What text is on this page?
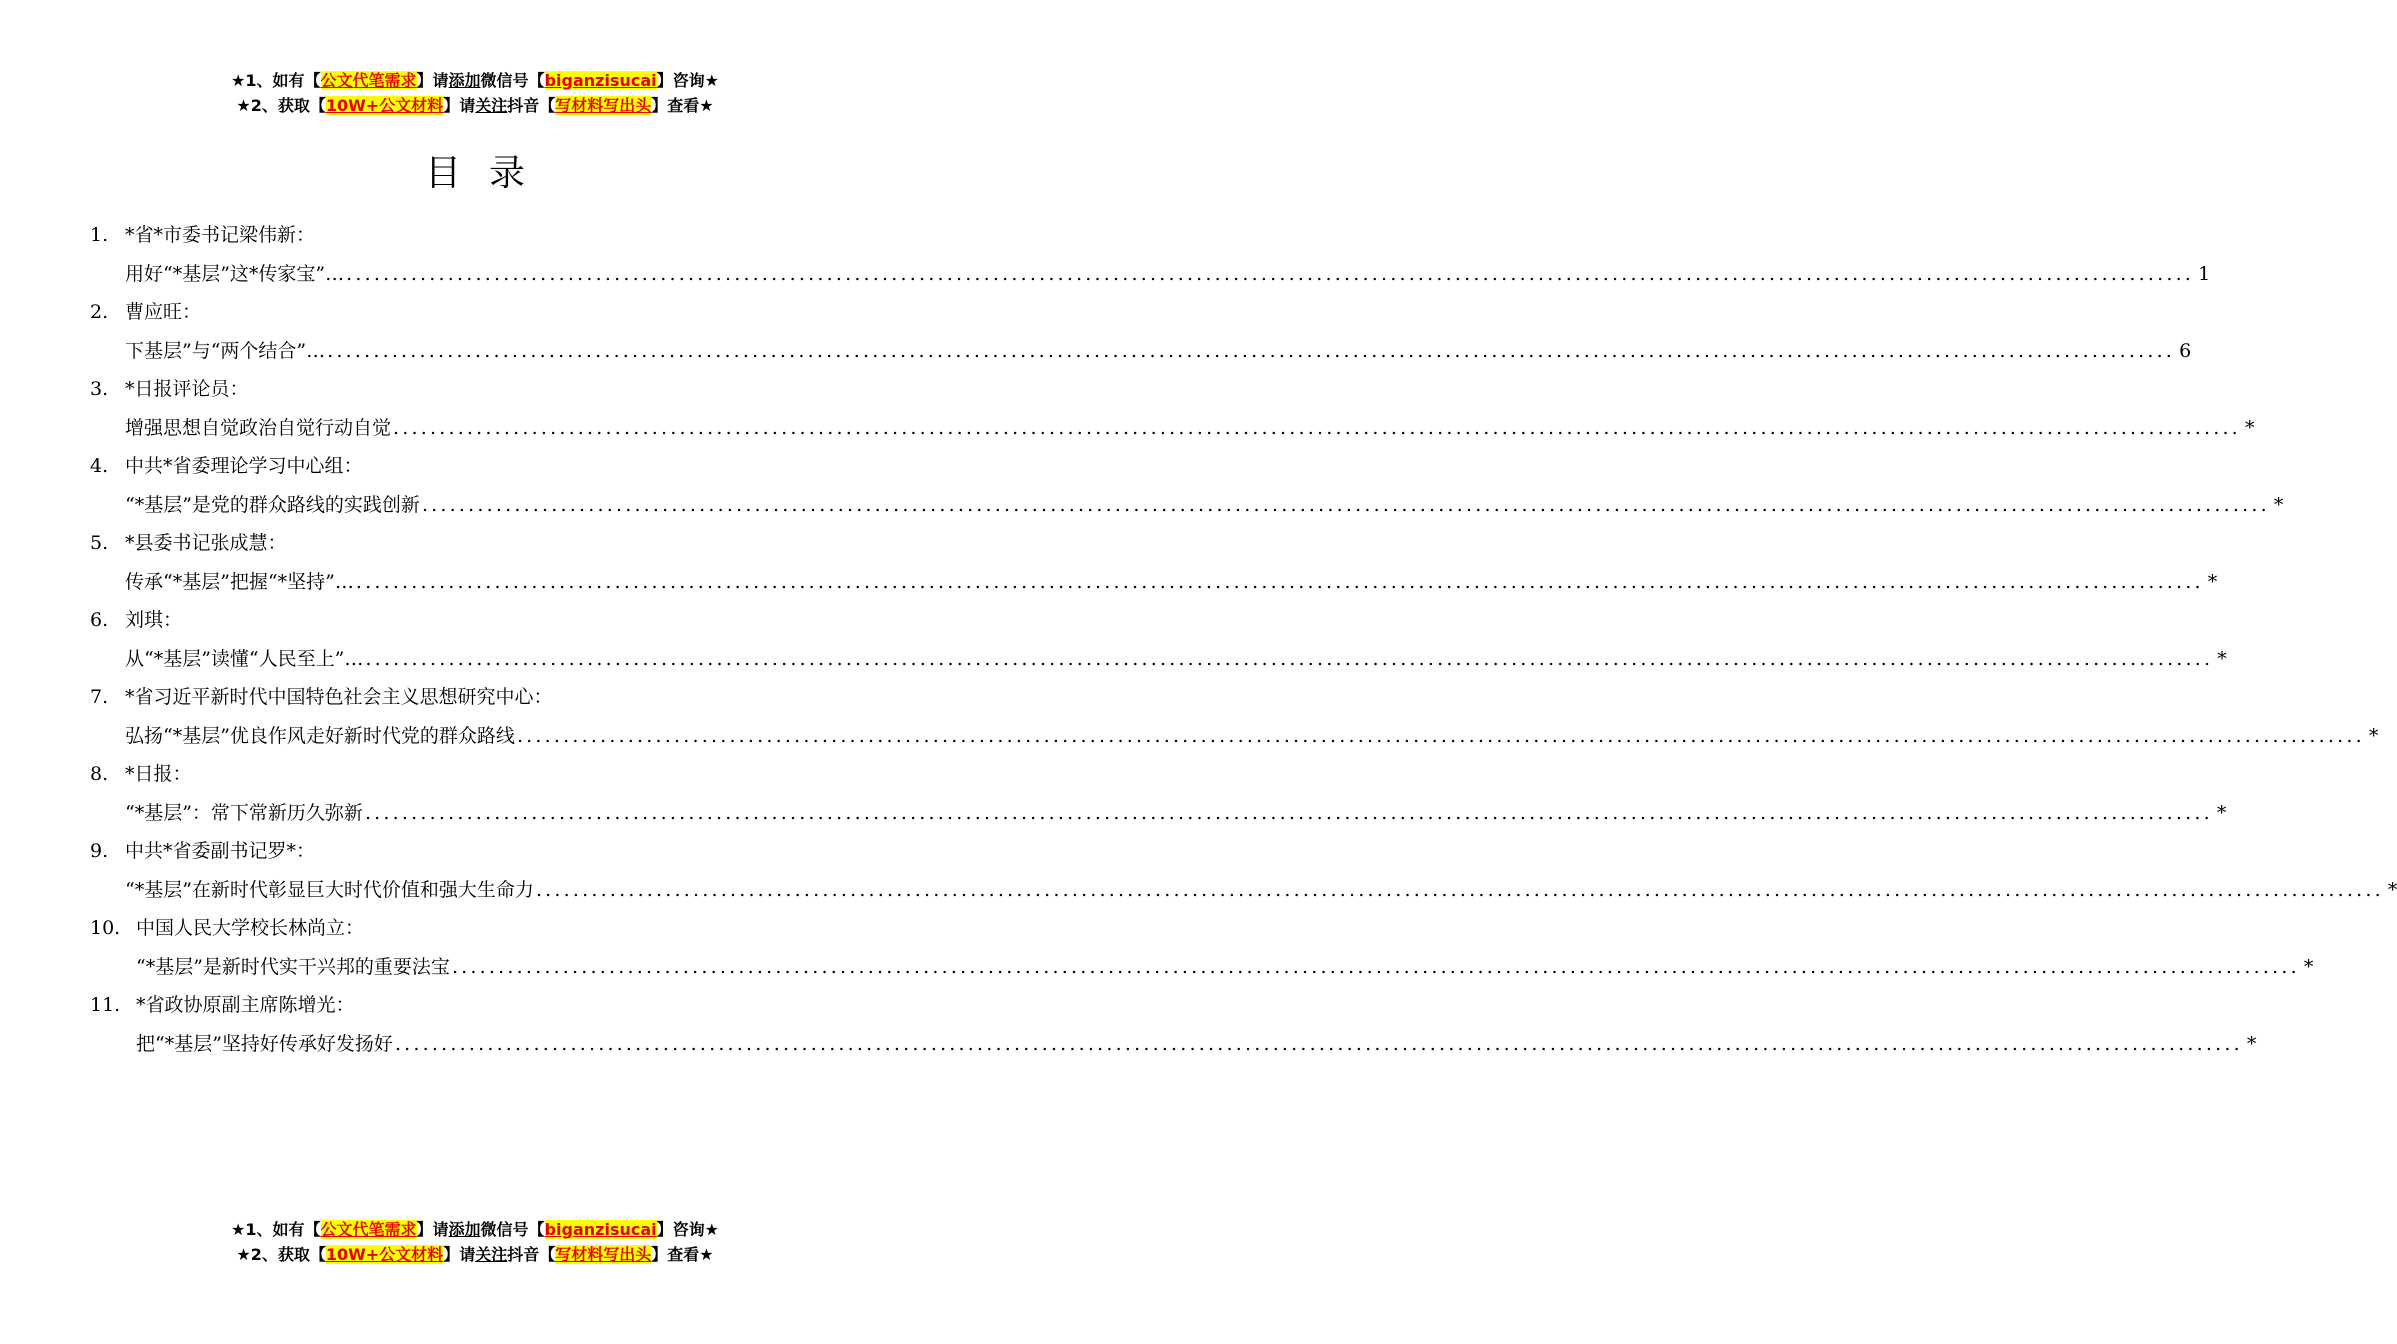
★1、如有【公文代笔需求】请添加微信号【biganzisucai】咨询★
★2、获取【10W+公文材料】请关注抖音【写材料写出头】查看★
目录
1. *省*市委书记梁伟新：
用好“*基层”这*传家宝”… ........................................................................................................................................................................................................ 1
2. 曹应旺：
下基层”与“两个结合”… ........................................................................................................................................................................................................ 6
3. *日报评论员：
增强思想自觉政治自觉行动自觉 ........................................................................................................................................................................................................ *
4. 中共*省委理论学习中心组：
“*基层”是党的群众路线的实践创新 ........................................................................................................................................................................................................ *
5. *县委书记张成慧：
传承“*基层”把握“*坚持”… ........................................................................................................................................................................................................ *
6. 刘琪：
从“*基层”读懂“人民至上”… ........................................................................................................................................................................................................ *
7. *省习近平新时代中国特色社会主义思想研究中心：
弘扬“*基层”优良作风走好新时代党的群众路线 ........................................................................................................................................................................................................ *
8. *日报：
“*基层”：常下常新历久弥新 ........................................................................................................................................................................................................ *
9. 中共*省委副书记罗*：
“*基层”在新时代彰显巨大时代价值和强大生命力 ........................................................................................................................................................................................................ *
10. 中国人民大学校长林尚立：
“*基层”是新时代实干兴邦的重要法宝 ........................................................................................................................................................................................................ *
11. *省政协原副主席陈增光：
把“*基层”坚持好传承好发扬好 ........................................................................................................................................................................................................ *
★1、如有【公文代笔需求】请添加微信号【biganzisucai】咨询★
★2、获取【10W+公文材料】请关注抖音【写材料写出头】查看★
